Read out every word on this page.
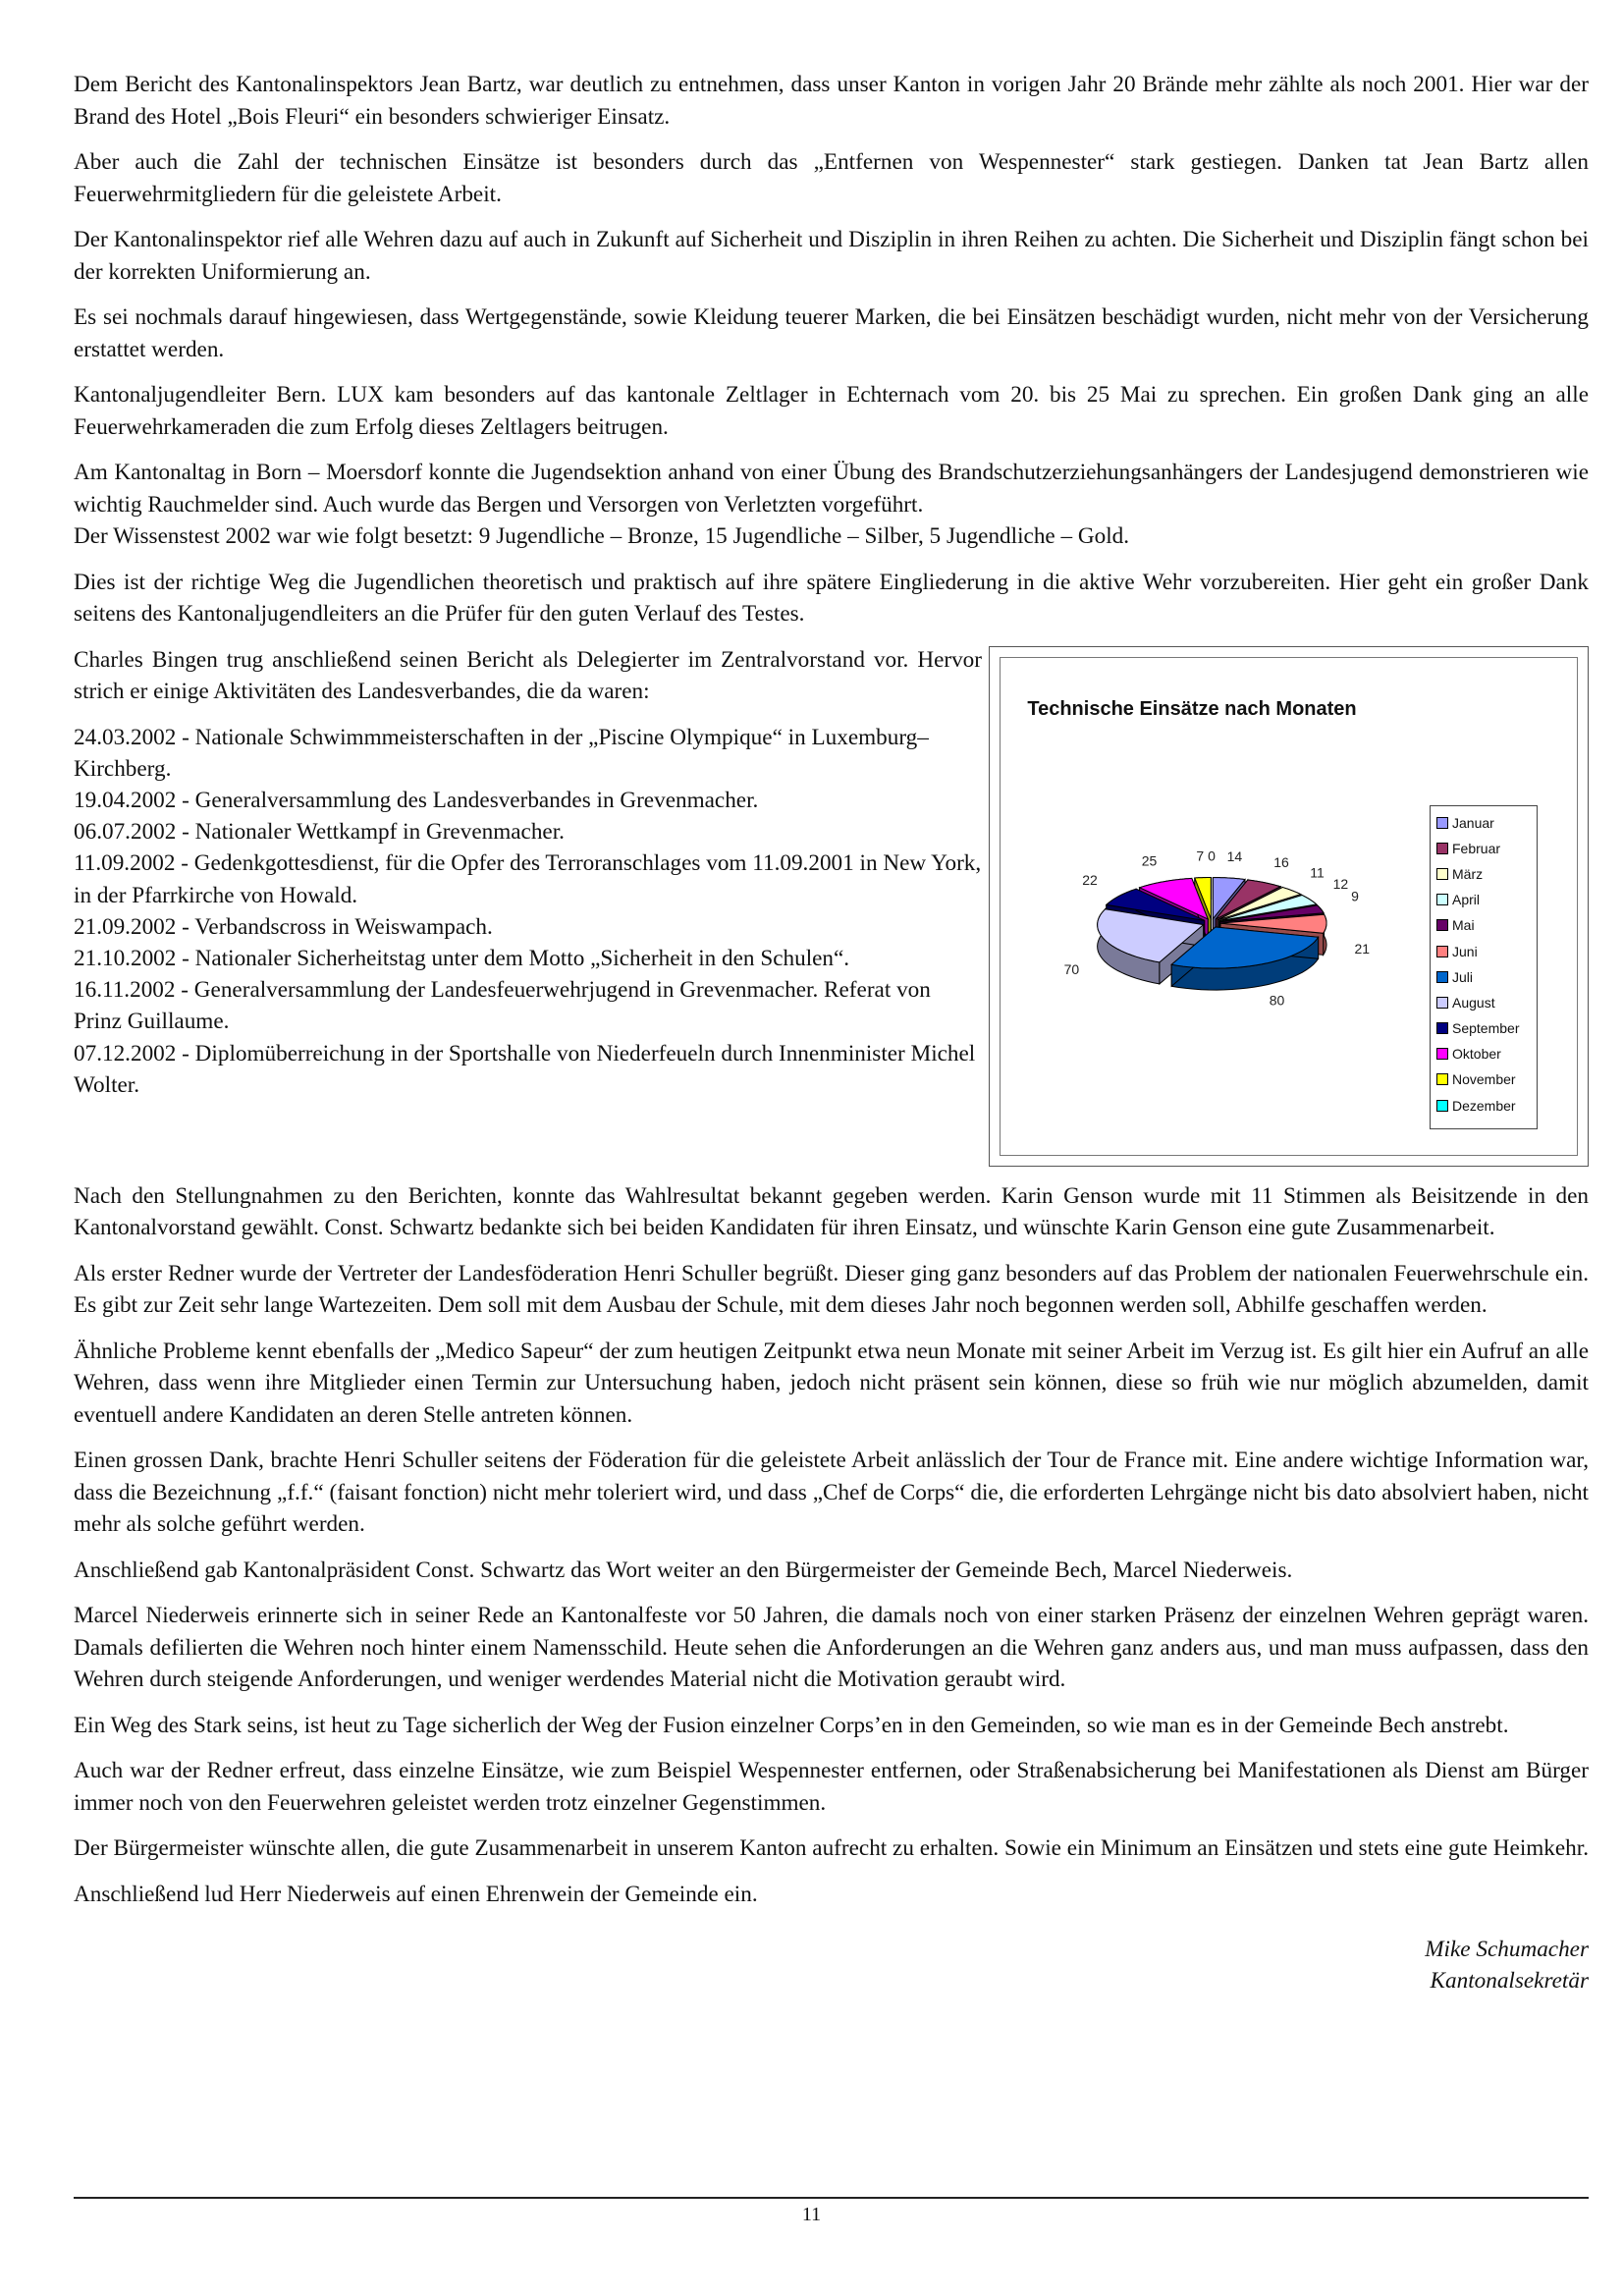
Dem Bericht des Kantonalinspektors Jean Bartz, war deutlich zu entnehmen, dass unser Kanton in vorigen Jahr 20 Brände mehr zählte als noch 2001. Hier war der Brand des Hotel „Bois Fleuri“ ein besonders schwieriger Einsatz.

Aber auch die Zahl der technischen Einsätze ist besonders durch das „Entfernen von Wespennester“ stark gestiegen. Danken tat Jean Bartz allen Feuerwehrmitgliedern für die geleistete Arbeit.

Der Kantonalinspektor rief alle Wehren dazu auf auch in Zukunft auf Sicherheit und Disziplin in ihren Reihen zu achten. Die Sicherheit und Disziplin fängt schon bei der korrekten Uniformierung an.

Es sei nochmals darauf hingewiesen, dass Wertgegenstände, sowie Kleidung teuerer Marken, die bei Einsätzen beschädigt wurden, nicht mehr von der Versicherung erstattet werden.

Kantonaljugendleiter Bern. LUX kam besonders auf das kantonale Zeltlager in Echternach vom 20. bis 25 Mai zu sprechen. Ein großen Dank ging an alle Feuerwehrkameraden die zum Erfolg dieses Zeltlagers beitrugen.

Am Kantonaltag in Born – Moersdorf konnte die Jugendsektion anhand von einer Übung des Brandschutzerziehungsanhängers der Landesjugend demonstrieren wie wichtig Rauchmelder sind. Auch wurde das Bergen und Versorgen von Verletzten vorgeführt.

Der Wissenstest 2002 war wie folgt besetzt: 9 Jugendliche – Bronze, 15 Jugendliche – Silber, 5 Jugendliche – Gold.

Dies ist der richtige Weg die Jugendlichen theoretisch und praktisch auf ihre spätere Eingliederung in die aktive Wehr vorzubereiten. Hier geht ein großer Dank seitens des Kantonaljugendleiters an die Prüfer für den guten Verlauf des Testes.

Charles Bingen trug anschließend seinen Bericht als Delegierter im Zentralvorstand vor. Hervor strich er einige Aktivitäten des Landesverbandes, die da waren:

24.03.2002 - Nationale Schwimmmeisterschaften in der „Piscine Olympique“ in Luxemburg–Kirchberg.
19.04.2002 - Generalversammlung des Landesverbandes in Grevenmacher.
06.07.2002 - Nationaler Wettkampf in Grevenmacher.
11.09.2002 - Gedenkgottesdienst, für die Opfer des Terroranschlages vom 11.09.2001 in New York, in der Pfarrkirche von Howald.
21.09.2002 - Verbandscross in Weiswampach.
21.10.2002 - Nationaler Sicherheitstag unter dem Motto „Sicherheit in den Schulen“.
16.11.2002 - Generalversammlung der Landesfeuerwehrjugend in Grevenmacher. Referat von Prinz Guillaume.
07.12.2002 - Diplomüberreichung in der Sportshalle von Niederfeueln durch Innenminister Michel Wolter.
Technische Einsätze nach Monaten
14 16
11
12
9
21
80
70
22
25	7 0
Januar
Februar
März
April
Mai
Juni
Juli
August
September
Oktober
November
Dezember

Nach den Stellungnahmen zu den Berichten, konnte das Wahlresultat bekannt gegeben werden. Karin Genson wurde mit 11 Stimmen als Beisitzende in den Kantonalvorstand gewählt. Const. Schwartz bedankte sich bei beiden Kandidaten für ihren Einsatz, und wünschte Karin Genson eine gute Zusammenarbeit.

Als erster Redner wurde der Vertreter der Landesföderation Henri Schuller begrüßt. Dieser ging ganz besonders auf das Problem der nationalen Feuerwehrschule ein. Es gibt zur Zeit sehr lange Wartezeiten. Dem soll mit dem Ausbau der Schule, mit dem dieses Jahr noch begonnen werden soll, Abhilfe geschaffen werden.

Ähnliche Probleme kennt ebenfalls der „Medico Sapeur“ der zum heutigen Zeitpunkt etwa neun Monate mit seiner Arbeit im Verzug ist. Es gilt hier ein Aufruf an alle Wehren, dass wenn ihre Mitglieder einen Termin zur Untersuchung haben, jedoch nicht präsent sein können, diese so früh wie nur möglich abzumelden, damit eventuell andere Kandidaten an deren Stelle antreten können.

Einen grossen Dank, brachte Henri Schuller seitens der Föderation für die geleistete Arbeit anlässlich der Tour de France mit. Eine andere wichtige Information war, dass die Bezeichnung „f.f.“ (faisant fonction) nicht mehr toleriert wird, und dass „Chef de Corps“ die, die erforderten Lehrgänge nicht bis dato absolviert haben, nicht mehr als solche geführt werden.

Anschließend gab Kantonalpräsident Const. Schwartz das Wort weiter an den Bürgermeister der Gemeinde Bech, Marcel Niederweis.

Marcel Niederweis erinnerte sich in seiner Rede an Kantonalfeste vor 50 Jahren, die damals noch von einer starken Präsenz der einzelnen Wehren geprägt waren. Damals defilierten die Wehren noch hinter einem Namensschild. Heute sehen die Anforderungen an die Wehren ganz anders aus, und man muss aufpassen, dass den Wehren durch steigende Anforderungen, und weniger werdendes Material nicht die Motivation geraubt wird.

Ein Weg des Stark seins, ist heut zu Tage sicherlich der Weg der Fusion einzelner Corps’en in den Gemeinden, so wie man es in der Gemeinde Bech anstrebt.

Auch war der Redner erfreut, dass einzelne Einsätze, wie zum Beispiel Wespennester entfernen, oder Straßenabsicherung bei Manifestationen als Dienst am Bürger immer noch von den Feuerwehren geleistet werden trotz einzelner Gegenstimmen.

Der Bürgermeister wünschte allen, die gute Zusammenarbeit in unserem Kanton aufrecht zu erhalten. Sowie ein Minimum an Einsätzen und stets eine gute Heimkehr.

Anschließend lud Herr Niederweis auf einen Ehrenwein der Gemeinde ein.

Mike Schumacher
Kantonalsekretär
11
